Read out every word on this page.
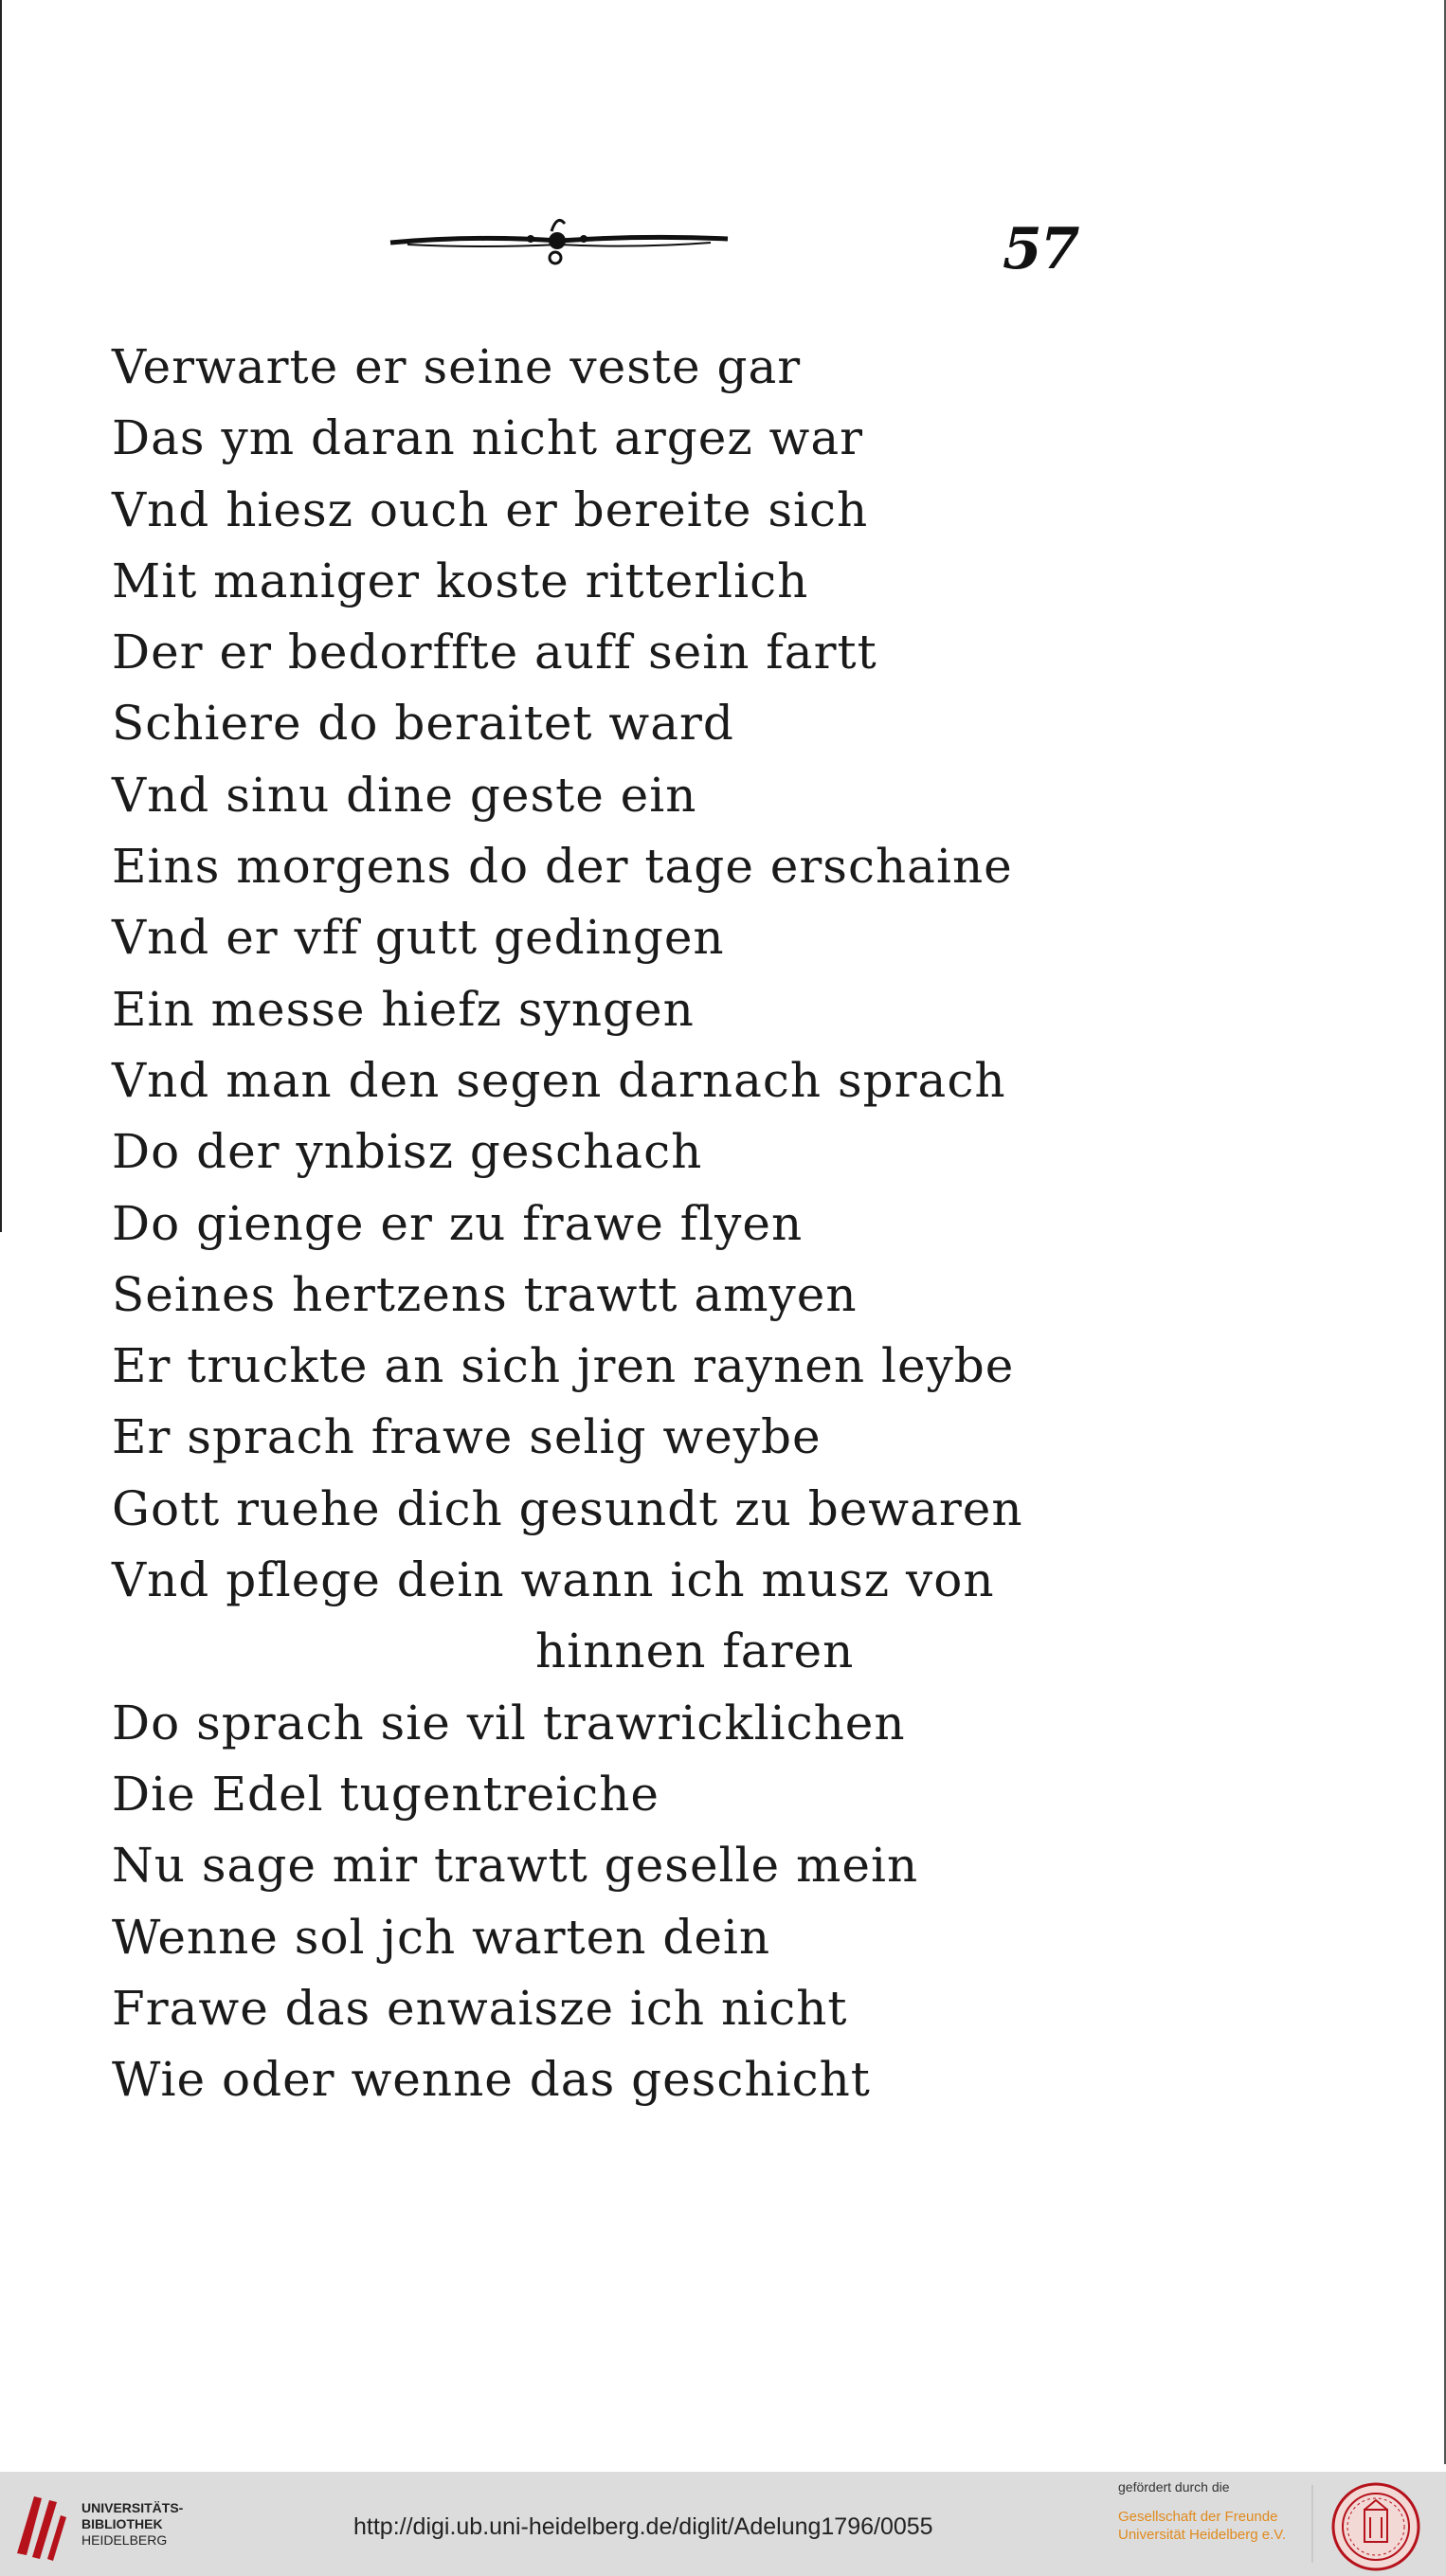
57
Verwarte er seine veste gar
Das ym daran nicht argez war
Vnd hiesz ouch er bereite sich
Mit maniger koste ritterlich
Der er bedorffte auff sein fartt
Schiere do beraitet ward
Vnd sinu dine geste ein
Eins morgens do der tage erschaine
Vnd er vff gutt gedingen
Ein messe hiefz syngen
Vnd man den segen darnach sprach
Do der ynbisz geschach
Do gienge er zu frawe flyen
Seines hertzens trawtt amyen
Er truckte an sich jren raynen leybe
Er sprach frawe selig weybe
Gott ruehe dich gesundt zu bewaren
Vnd pflege dein wann ich musz von
hinnen faren
Do sprach sie vil trawricklichen
Die Edel tugentreiche
Nu sage mir trawtt geselle mein
Wenne sol jch warten dein
Frawe das enwaisze ich nicht
Wie oder wenne das geschicht
UNIVERSITÄTS-
BIBLIOTHEK
HEIDELBERG	http://digi.ub.uni-heidelberg.de/diglit/Adelung1796/0055
gefördert durch die
Gesellschaft der Freunde
Universität Heidelberg e.V.
